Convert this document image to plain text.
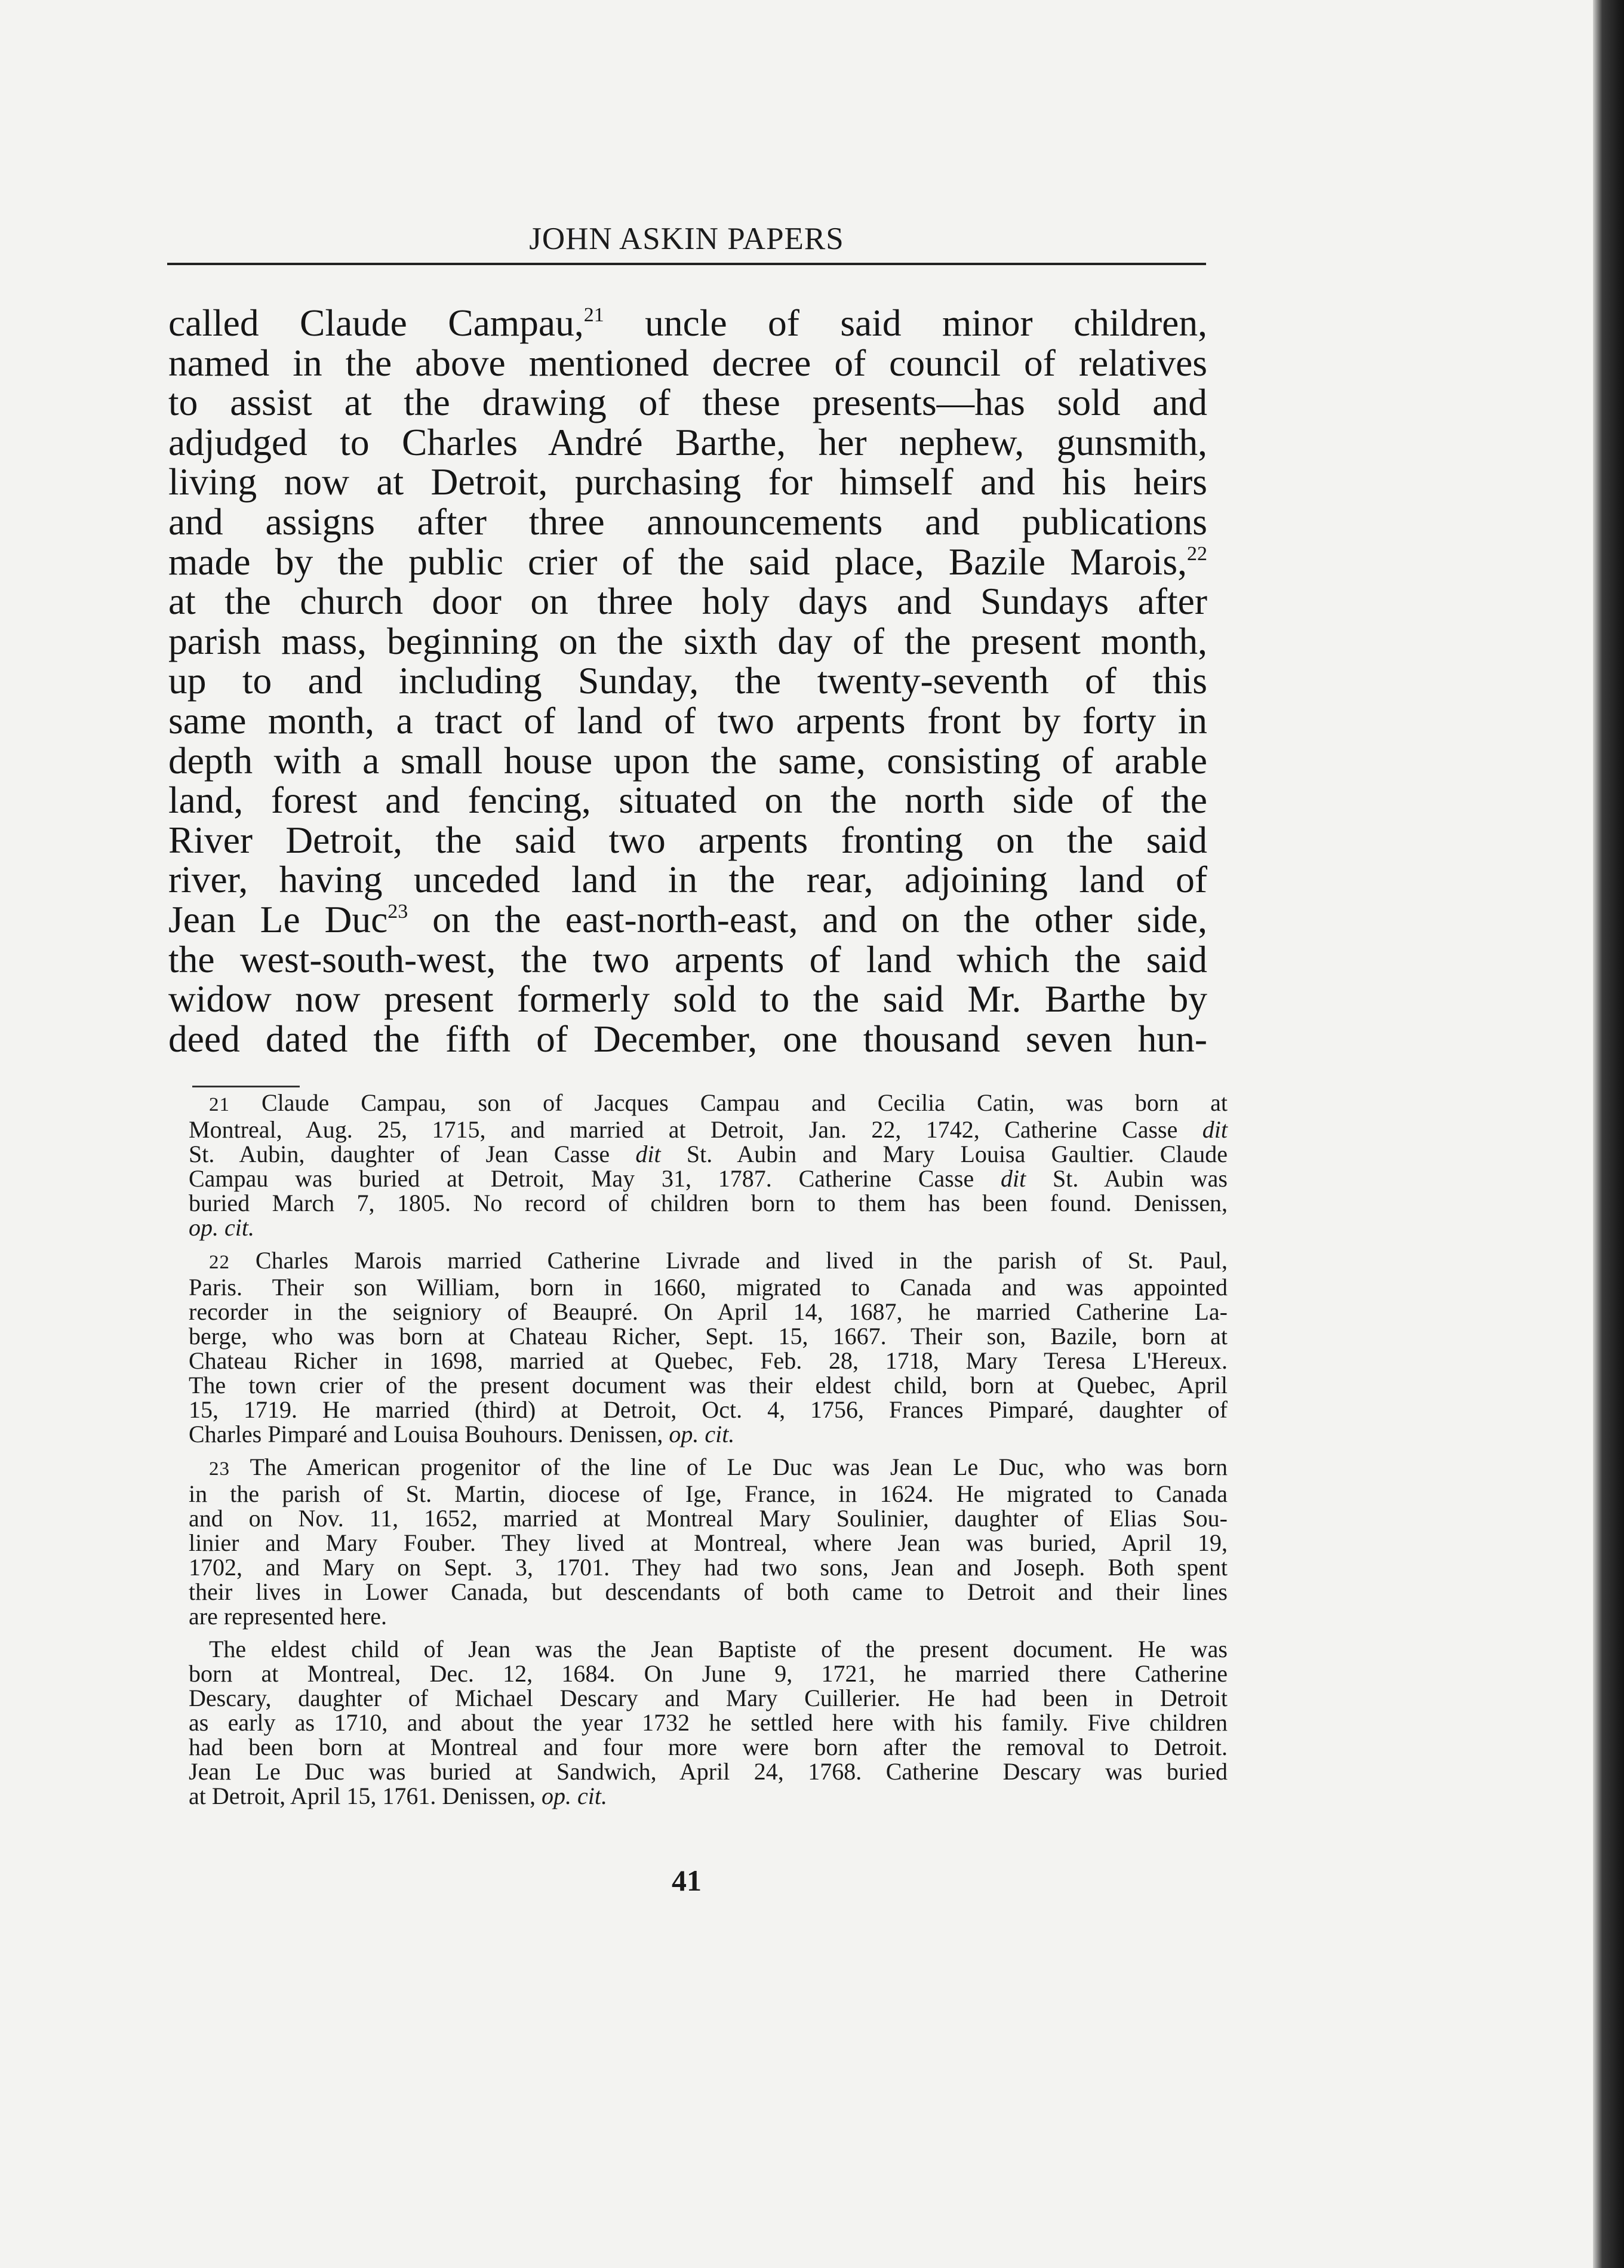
JOHN ASKIN PAPERS
called Claude Campau,$^{21}$ uncle of said minor children,
named in the above mentioned decree of council of relatives
to assist at the drawing of these presents—has sold and
adjudged to Charles André Barthe, her nephew, gunsmith,
living now at Detroit, purchasing for himself and his heirs
and assigns after three announcements and publications
made by the public crier of the said place, Bazile Marois,$^{22}$
at the church door on three holy days and Sundays after
parish mass, beginning on the sixth day of the present month,
up to and including Sunday, the twenty-seventh of this
same month, a tract of land of two arpents front by forty in
depth with a small house upon the same, consisting of arable
land, forest and fencing, situated on the north side of the
River Detroit, the said two arpents fronting on the said
river, having unceded land in the rear, adjoining land of
Jean Le Duc$^{23}$ on the east-north-east, and on the other side,
the west-south-west, the two arpents of land which the said
widow now present formerly sold to the said Mr. Barthe by
deed dated the fifth of December, one thousand seven hun-
21 Claude Campau, son of Jacques Campau and Cecilia Catin, was born at
Montreal, Aug. 25, 1715, and married at Detroit, Jan. 22, 1742, Catherine Casse dit
St. Aubin, daughter of Jean Casse dit St. Aubin and Mary Louisa Gaultier. Claude
Campau was buried at Detroit, May 31, 1787. Catherine Casse dit St. Aubin was
buried March 7, 1805. No record of children born to them has been found. Denissen,
op. cit.
22 Charles Marois married Catherine Livrade and lived in the parish of St. Paul,
Paris. Their son William, born in 1660, migrated to Canada and was appointed
recorder in the seigniory of Beaupré. On April 14, 1687, he married Catherine La-
berge, who was born at Chateau Richer, Sept. 15, 1667. Their son, Bazile, born at
Chateau Richer in 1698, married at Quebec, Feb. 28, 1718, Mary Teresa L'Hereux.
The town crier of the present document was their eldest child, born at Quebec, April
15, 1719. He married (third) at Detroit, Oct. 4, 1756, Frances Pimparé, daughter of
Charles Pimparé and Louisa Bouhours. Denissen, op. cit.
23 The American progenitor of the line of Le Duc was Jean Le Duc, who was born
in the parish of St. Martin, diocese of Ige, France, in 1624. He migrated to Canada
and on Nov. 11, 1652, married at Montreal Mary Soulinier, daughter of Elias Sou-
linier and Mary Fouber. They lived at Montreal, where Jean was buried, April 19,
1702, and Mary on Sept. 3, 1701. They had two sons, Jean and Joseph. Both spent
their lives in Lower Canada, but descendants of both came to Detroit and their lines
are represented here.
The eldest child of Jean was the Jean Baptiste of the present document. He was
born at Montreal, Dec. 12, 1684. On June 9, 1721, he married there Catherine
Descary, daughter of Michael Descary and Mary Cuillerier. He had been in Detroit
as early as 1710, and about the year 1732 he settled here with his family. Five children
had been born at Montreal and four more were born after the removal to Detroit.
Jean Le Duc was buried at Sandwich, April 24, 1768. Catherine Descary was buried
at Detroit, April 15, 1761. Denissen, op. cit.
41
